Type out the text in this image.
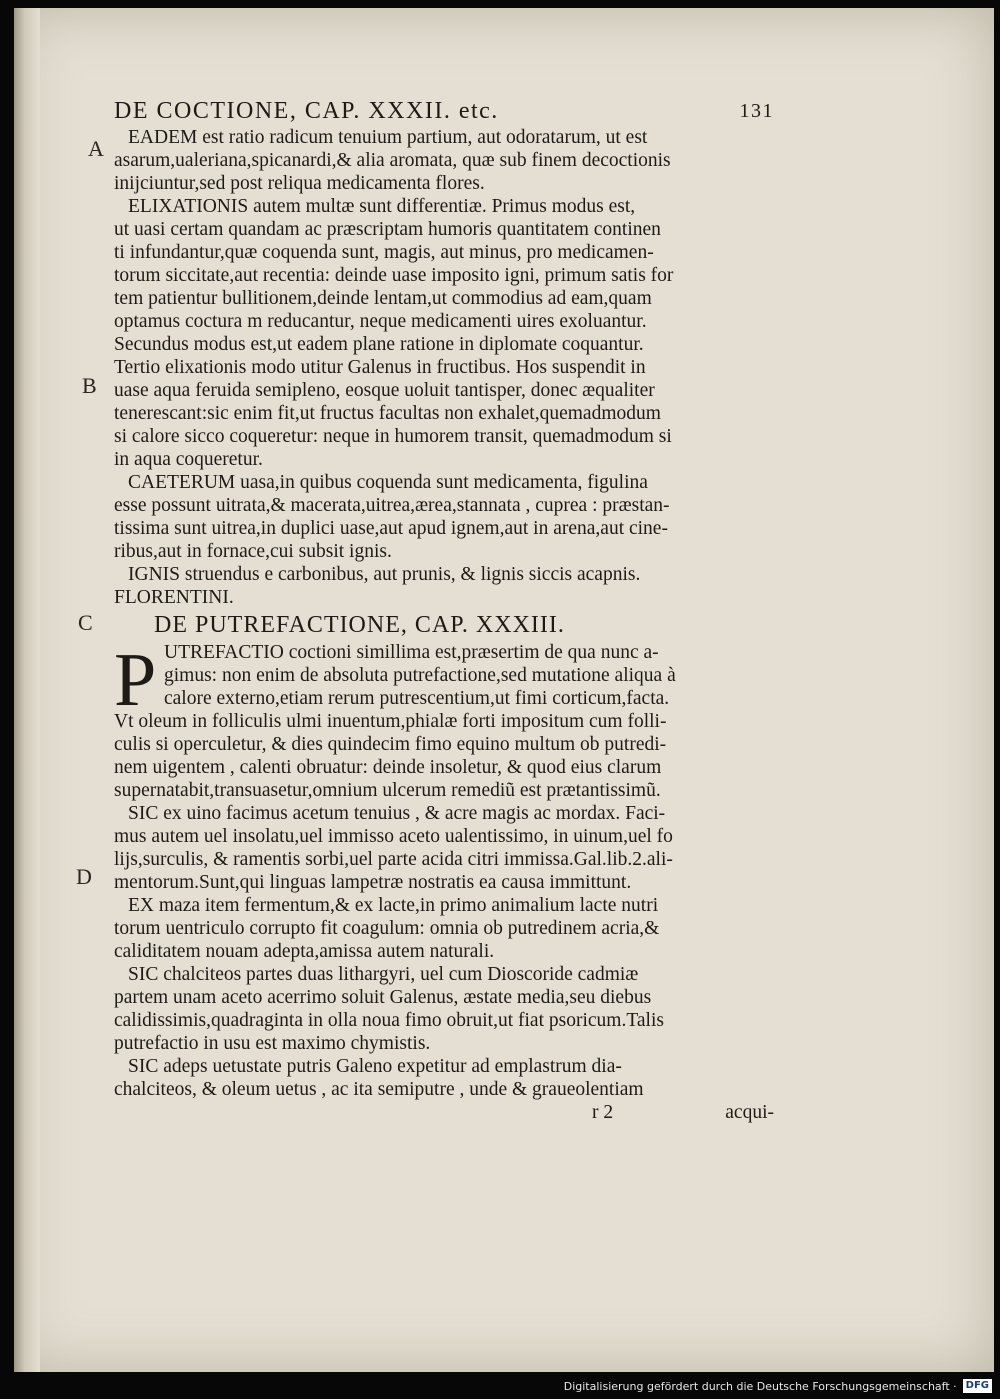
A
B
C
D
DE COCTIONE, CAP. XXXII. etc.	131
EADEM est ratio radicum tenuium partium, aut odoratarum, ut est
asarum,ualeriana,spicanardi,& alia aromata, quæ sub finem decoctionis
inijciuntur,sed post reliqua medicamenta flores.
ELIXATIONIS autem multæ sunt differentiæ. Primus modus est,
ut uasi certam quandam ac præscriptam humoris quantitatem continen
ti infundantur,quæ coquenda sunt, magis, aut minus, pro medicamen-
torum siccitate,aut recentia: deinde uase imposito igni, primum satis for
tem patientur bullitionem,deinde lentam,ut commodius ad eam,quam
optamus coctura m reducantur, neque medicamenti uires exoluantur.
Secundus modus est,ut eadem plane ratione in diplomate coquantur.
Tertio elixationis modo utitur Galenus in fructibus. Hos suspendit in
uase aqua feruida semipleno, eosque uoluit tantisper, donec æqualiter
tenerescant:sic enim fit,ut fructus facultas non exhalet,quemadmodum
si calore sicco coqueretur: neque in humorem transit, quemadmodum si
in aqua coqueretur.
CAETERUM uasa,in quibus coquenda sunt medicamenta, figulina
esse possunt uitrata,& macerata,uitrea,ærea,stannata , cuprea : præstan-
tissima sunt uitrea,in duplici uase,aut apud ignem,aut in arena,aut cine-
ribus,aut in fornace,cui subsit ignis.
IGNIS struendus e carbonibus, aut prunis, & lignis siccis acapnis.
FLORENTINI.
DE PUTREFACTIONE, CAP. XXXIII.
P UTREFACTIO coctioni simillima est,præsertim de qua nunc a-
gimus: non enim de absoluta putrefactione,sed mutatione aliqua à
calore externo,etiam rerum putrescentium,ut fimi corticum,facta.
Vt oleum in folliculis ulmi inuentum,phialæ forti impositum cum folli-
culis si operculetur, & dies quindecim fimo equino multum ob putredi-
nem uigentem , calenti obruatur: deinde insoletur, & quod eius clarum
supernatabit,transuasetur,omnium ulcerum remediũ est prætantissimũ.
SIC ex uino facimus acetum tenuius , & acre magis ac mordax. Faci-
mus autem uel insolatu,uel immisso aceto ualentissimo, in uinum,uel fo
lijs,surculis, & ramentis sorbi,uel parte acida citri immissa.Gal.lib.2.ali-
mentorum.Sunt,qui linguas lampetræ nostratis ea causa immittunt.
EX maza item fermentum,& ex lacte,in primo animalium lacte nutri
torum uentriculo corrupto fit coagulum: omnia ob putredinem acria,&
caliditatem nouam adepta,amissa autem naturali.
SIC chalciteos partes duas lithargyri, uel cum Dioscoride cadmiæ
partem unam aceto acerrimo soluit Galenus, æstate media,seu diebus
calidissimis,quadraginta in olla noua fimo obruit,ut fiat psoricum.Talis
putrefactio in usu est maximo chymistis.
SIC adeps uetustate putris Galeno expetitur ad emplastrum dia-
chalciteos, & oleum uetus , ac ita semiputre , unde & graueolentiam
r 2	acqui-
Digitalisierung gefördert durch die Deutsche Forschungsgemeinschaft · DFG
